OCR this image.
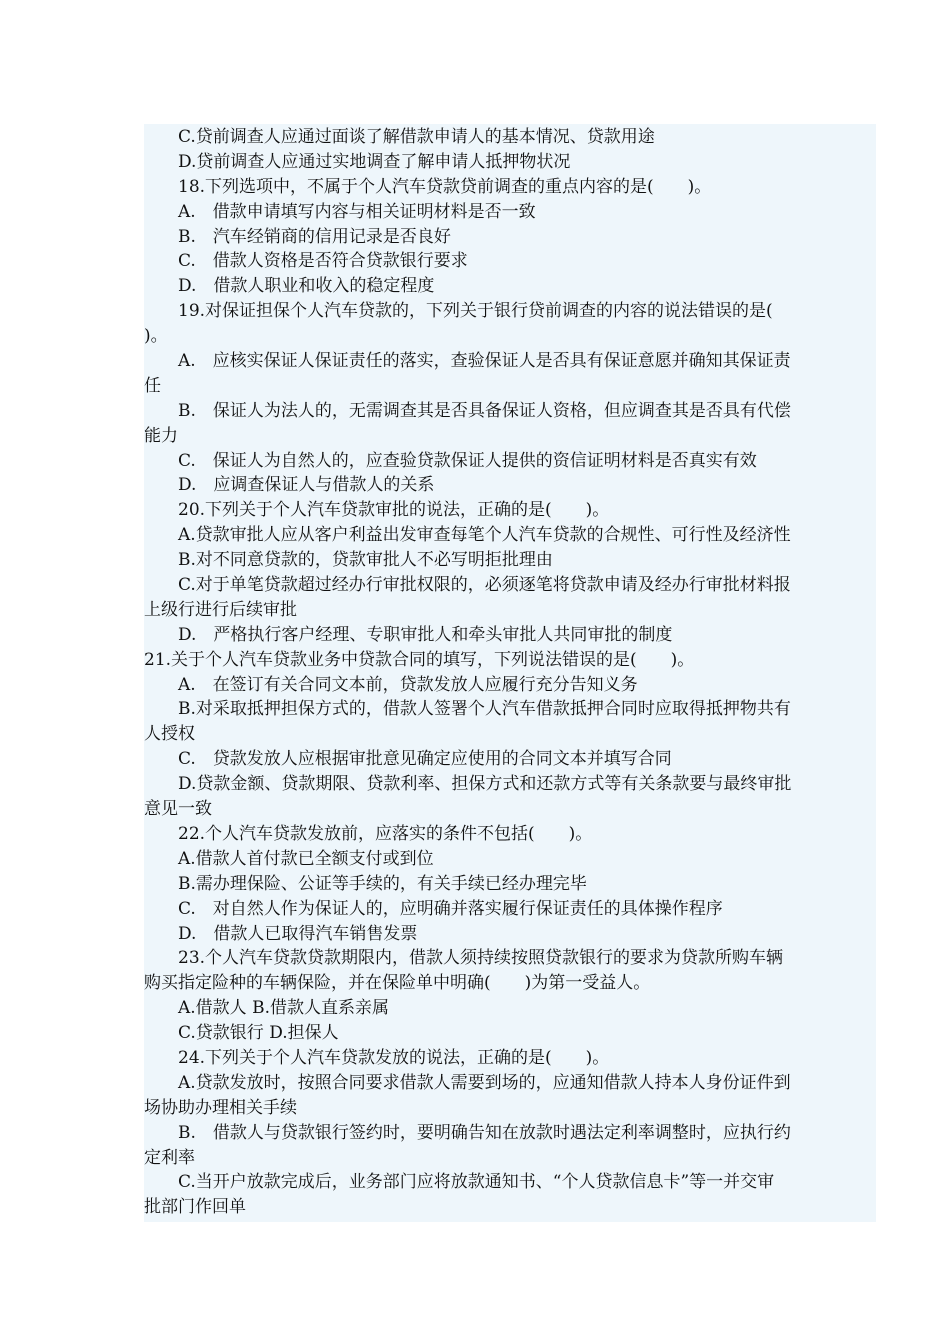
C.贷前调查人应通过面谈了解借款申请人的基本情况、贷款用途
D.贷前调查人应通过实地调查了解申请人抵押物状况
18.下列选项中，不属于个人汽车贷款贷前调查的重点内容的是(　　)。
A.　借款申请填写内容与相关证明材料是否一致
B.　汽车经销商的信用记录是否良好
C.　借款人资格是否符合贷款银行要求
D.　借款人职业和收入的稳定程度
19.对保证担保个人汽车贷款的，下列关于银行贷前调查的内容的说法错误的是(
)。
A.　应核实保证人保证责任的落实，查验保证人是否具有保证意愿并确知其保证责
任
B.　保证人为法人的，无需调查其是否具备保证人资格，但应调查其是否具有代偿
能力
C.　保证人为自然人的，应查验贷款保证人提供的资信证明材料是否真实有效
D.　应调查保证人与借款人的关系
20.下列关于个人汽车贷款审批的说法，正确的是(　　)。
A.贷款审批人应从客户利益出发审查每笔个人汽车贷款的合规性、可行性及经济性
B.对不同意贷款的，贷款审批人不必写明拒批理由
C.对于单笔贷款超过经办行审批权限的，必须逐笔将贷款申请及经办行审批材料报
上级行进行后续审批
D.　严格执行客户经理、专职审批人和牵头审批人共同审批的制度
21.关于个人汽车贷款业务中贷款合同的填写，下列说法错误的是(　　)。
A.　在签订有关合同文本前，贷款发放人应履行充分告知义务
B.对采取抵押担保方式的，借款人签署个人汽车借款抵押合同时应取得抵押物共有
人授权
C.　贷款发放人应根据审批意见确定应使用的合同文本并填写合同
D.贷款金额、贷款期限、贷款利率、担保方式和还款方式等有关条款要与最终审批
意见一致
22.个人汽车贷款发放前，应落实的条件不包括(　　)。
A.借款人首付款已全额支付或到位
B.需办理保险、公证等手续的，有关手续已经办理完毕
C.　对自然人作为保证人的，应明确并落实履行保证责任的具体操作程序
D.　借款人已取得汽车销售发票
23.个人汽车贷款贷款期限内，借款人须持续按照贷款银行的要求为贷款所购车辆
购买指定险种的车辆保险，并在保险单中明确(　　)为第一受益人。
A.借款人 B.借款人直系亲属
C.贷款银行 D.担保人
24.下列关于个人汽车贷款发放的说法，正确的是(　　)。
A.贷款发放时，按照合同要求借款人需要到场的，应通知借款人持本人身份证件到
场协助办理相关手续
B.　借款人与贷款银行签约时，要明确告知在放款时遇法定利率调整时，应执行约
定利率
C.当开户放款完成后，业务部门应将放款通知书、“个人贷款信息卡”等一并交审
批部门作回单
